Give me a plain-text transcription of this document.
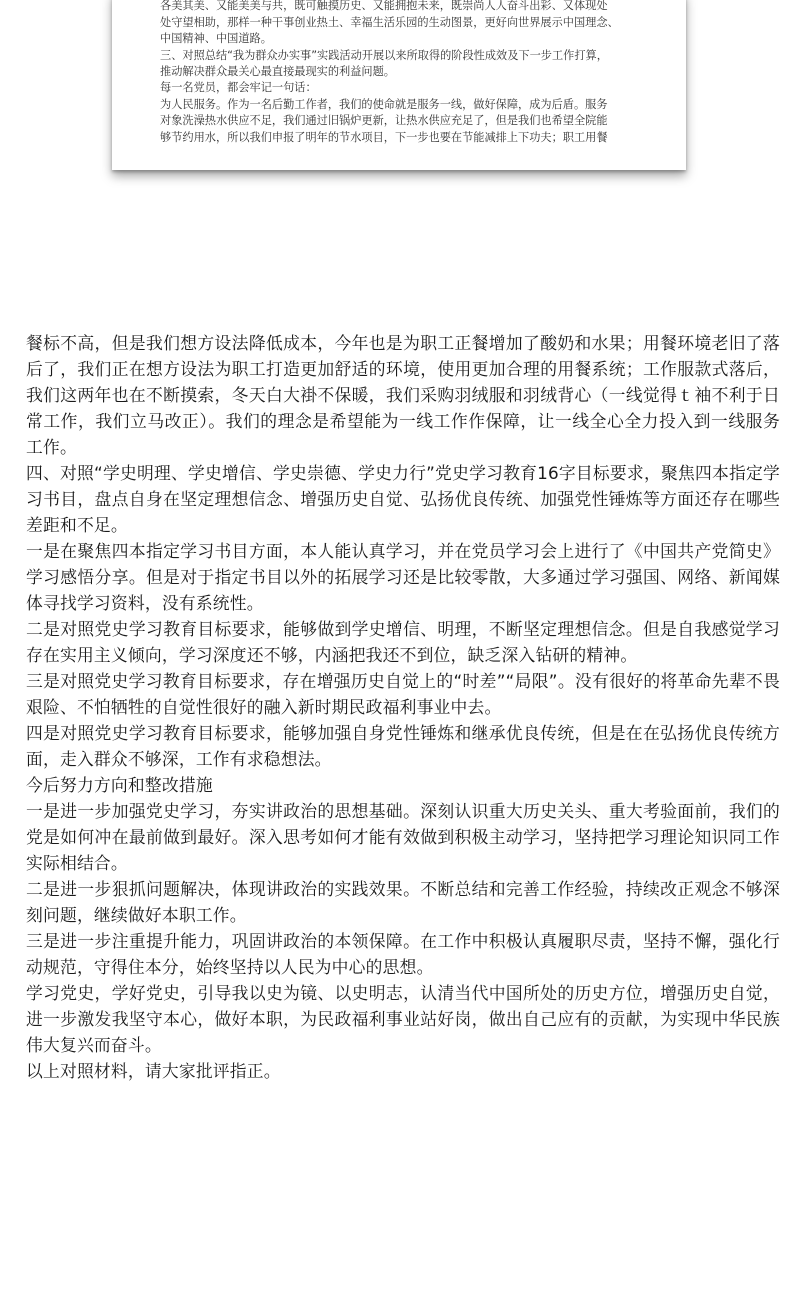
各美其美、又能美美与共，既可触摸历史、又能拥抱未来，既崇尚人人奋斗出彩、又体现处

处守望相助，那样一种干事创业热土、幸福生活乐园的生动图景，更好向世界展示中国理念、

中国精神、中国道路。

三、对照总结“我为群众办实事”实践活动开展以来所取得的阶段性成效及下一步工作打算，

推动解决群众最关心最直接最现实的利益问题。

每一名党员，都会牢记一句话：

为人民服务。作为一名后勤工作者，我们的使命就是服务一线，做好保障，成为后盾。服务

对象洗澡热水供应不足，我们通过旧锅炉更新，让热水供应充足了，但是我们也希望全院能

够节约用水，所以我们申报了明年的节水项目，下一步也要在节能减排上下功夫；职工用餐

餐标不高，但是我们想方设法降低成本，今年也是为职工正餐增加了酸奶和水果；用餐环境老旧了落后了，我们正在想方设法为职工打造更加舒适的环境，使用更加合理的用餐系统；工作服款式落后，我们这两年也在不断摸索，冬天白大褂不保暖，我们采购羽绒服和羽绒背心（一线觉得ｔ袖不利于日常工作，我们立马改正）。我们的理念是希望能为一线工作作保障，让一线全心全力投入到一线服务工作。

四、对照“学史明理、学史增信、学史崇德、学史力行”党史学习教育16字目标要求，聚焦四本指定学习书目，盘点自身在坚定理想信念、增强历史自觉、弘扬优良传统、加强党性锤炼等方面还存在哪些差距和不足。

一是在聚焦四本指定学习书目方面，本人能认真学习，并在党员学习会上进行了《中国共产党简史》学习感悟分享。但是对于指定书目以外的拓展学习还是比较零散，大多通过学习强国、网络、新闻媒体寻找学习资料，没有系统性。

二是对照党史学习教育目标要求，能够做到学史增信、明理，不断坚定理想信念。但是自我感觉学习存在实用主义倾向，学习深度还不够，内涵把我还不到位，缺乏深入钻研的精神。

三是对照党史学习教育目标要求，存在增强历史自觉上的“时差”“局限”。没有很好的将革命先辈不畏艰险、不怕牺牲的自觉性很好的融入新时期民政福利事业中去。

四是对照党史学习教育目标要求，能够加强自身党性锤炼和继承优良传统，但是在在弘扬优良传统方面，走入群众不够深，工作有求稳想法。

今后努力方向和整改措施

一是进一步加强党史学习，夯实讲政治的思想基础。深刻认识重大历史关头、重大考验面前，我们的党是如何冲在最前做到最好。深入思考如何才能有效做到积极主动学习，坚持把学习理论知识同工作实际相结合。

二是进一步狠抓问题解决，体现讲政治的实践效果。不断总结和完善工作经验，持续改正观念不够深刻问题，继续做好本职工作。

三是进一步注重提升能力，巩固讲政治的本领保障。在工作中积极认真履职尽责，坚持不懈，强化行动规范，守得住本分，始终坚持以人民为中心的思想。

学习党史，学好党史，引导我以史为镜、以史明志，认清当代中国所处的历史方位，增强历史自觉，进一步激发我坚守本心，做好本职，为民政福利事业站好岗，做出自己应有的贡献，为实现中华民族伟大复兴而奋斗。

以上对照材料，请大家批评指正。
